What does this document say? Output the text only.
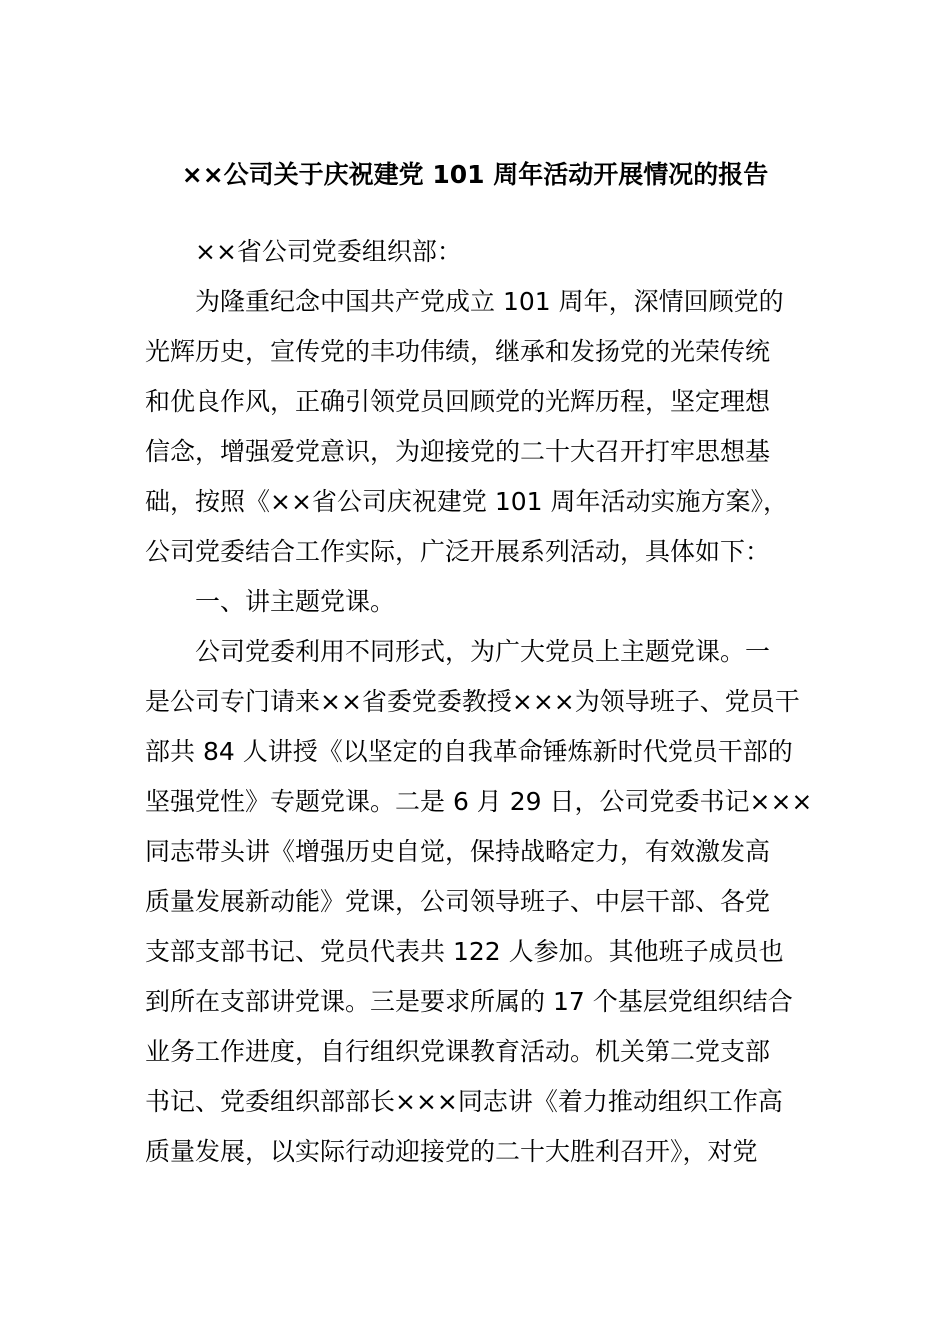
××公司关于庆祝建党 101 周年活动开展情况的报告
××省公司党委组织部：
为隆重纪念中国共产党成立 101 周年，深情回顾党的
光辉历史，宣传党的丰功伟绩，继承和发扬党的光荣传统
和优良作风，正确引领党员回顾党的光辉历程，坚定理想
信念，增强爱党意识，为迎接党的二十大召开打牢思想基
础，按照《××省公司庆祝建党 101 周年活动实施方案》，
公司党委结合工作实际，广泛开展系列活动，具体如下：
一、讲主题党课。
公司党委利用不同形式，为广大党员上主题党课。一
是公司专门请来××省委党委教授×××为领导班子、党员干
部共 84 人讲授《以坚定的自我革命锤炼新时代党员干部的
坚强党性》专题党课。二是 6 月 29 日，公司党委书记×××
同志带头讲《增强历史自觉，保持战略定力，有效激发高
质量发展新动能》党课，公司领导班子、中层干部、各党
支部支部书记、党员代表共 122 人参加。其他班子成员也
到所在支部讲党课。三是要求所属的 17 个基层党组织结合
业务工作进度，自行组织党课教育活动。机关第二党支部
书记、党委组织部部长×××同志讲《着力推动组织工作高
质量发展，以实际行动迎接党的二十大胜利召开》，对党
